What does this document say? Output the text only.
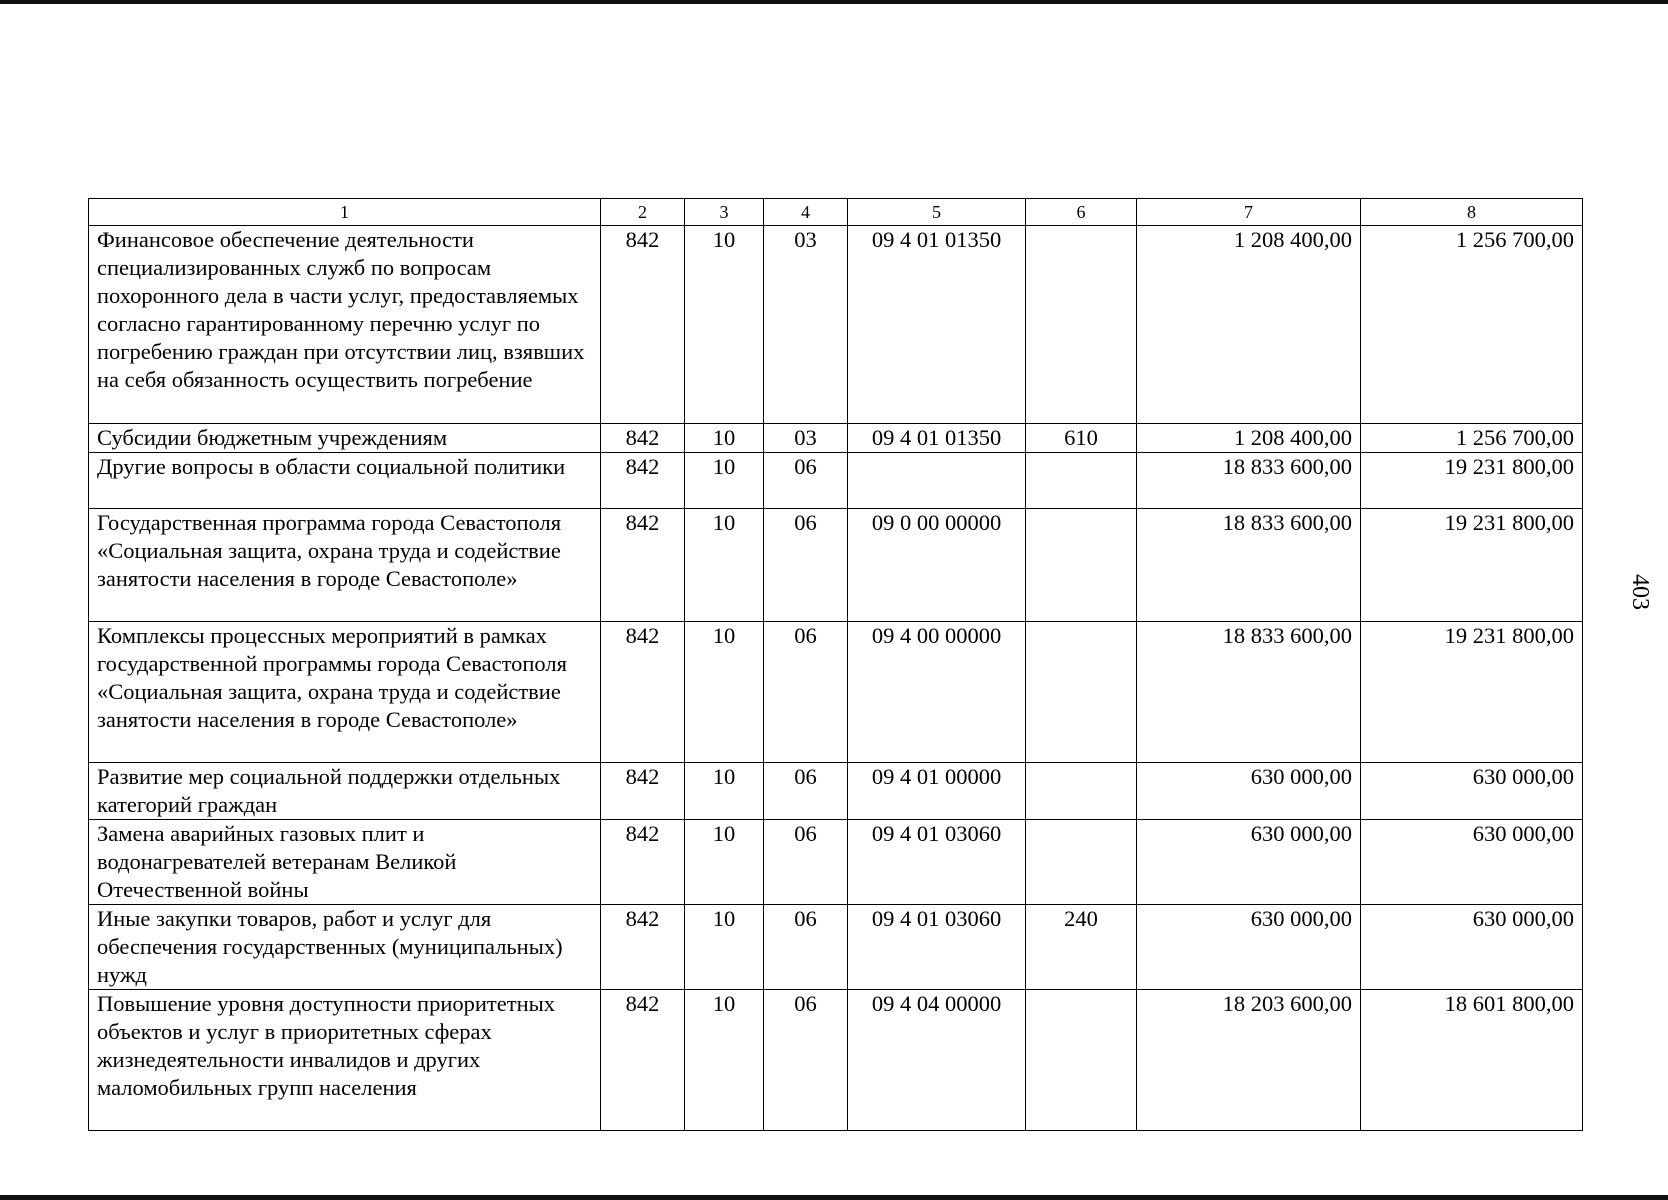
1	2	3	4	5	6	7	8
Финансовое обеспечение деятельности специализированных служб по вопросам похоронного дела в части услуг, предоставляемых согласно гарантированному перечню услуг по погребению граждан при отсутствии лиц, взявших на себя обязанность осуществить погребение	842	10	03	09 4 01 01350		1 208 400,00	1 256 700,00
Субсидии бюджетным учреждениям	842	10	03	09 4 01 01350	610	1 208 400,00	1 256 700,00
Другие вопросы в области социальной политики	842	10	06			18 833 600,00	19 231 800,00
Государственная программа города Севастополя «Социальная защита, охрана труда и содействие занятости населения в городе Севастополе»	842	10	06	09 0 00 00000		18 833 600,00	19 231 800,00
Комплексы процессных мероприятий в рамках государственной программы города Севастополя «Социальная защита, охрана труда и содействие занятости населения в городе Севастополе»	842	10	06	09 4 00 00000		18 833 600,00	19 231 800,00
Развитие мер социальной поддержки отдельных категорий граждан	842	10	06	09 4 01 00000		630 000,00	630 000,00
Замена аварийных газовых плит и водонагревателей ветеранам Великой Отечественной войны	842	10	06	09 4 01 03060		630 000,00	630 000,00
Иные закупки товаров, работ и услуг для обеспечения государственных (муниципальных) нужд	842	10	06	09 4 01 03060	240	630 000,00	630 000,00
Повышение уровня доступности приоритетных объектов и услуг в приоритетных сферах жизнедеятельности инвалидов и других маломобильных групп населения	842	10	06	09 4 04 00000		18 203 600,00	18 601 800,00
403
